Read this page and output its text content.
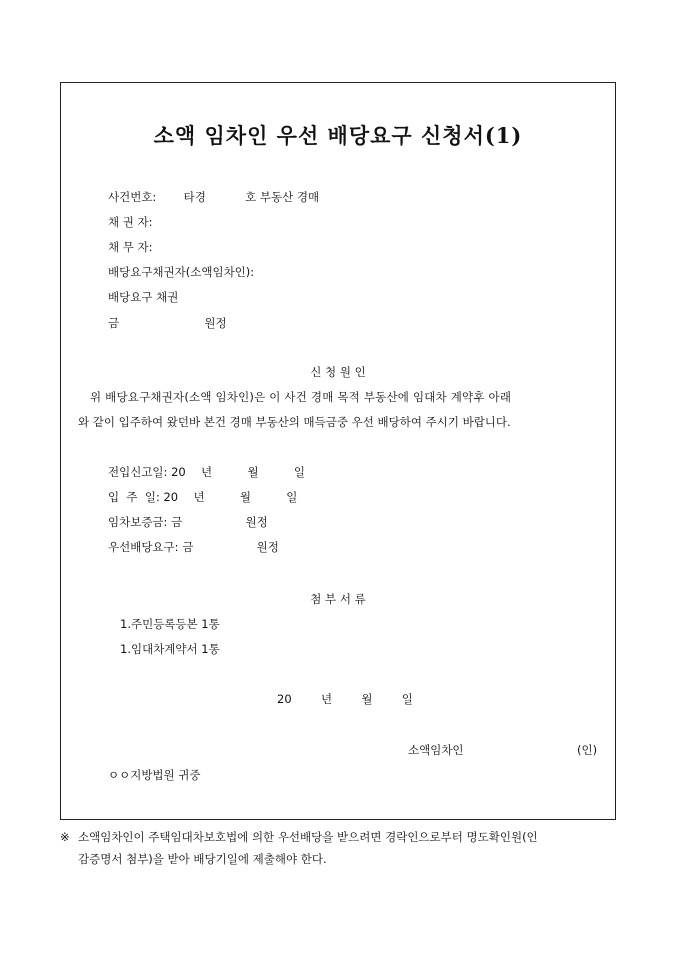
소액 임차인 우선 배당요구 신청서(1)
사건번호: 타경	호 부동산 경매
채 권 자:
채 무 자:
배당요구채권자(소액임차인):
배당요구 채권
금	원정
신 청 원 인
위 배당요구채권자(소액 임차인)은 이 사건 경매 목적 부동산에 임대차 계약후 아래
와 같이 입주하여 왔던바 본건 경매 부동산의 매득금중 우선 배당하여 주시기 바랍니다.
전입신고일: 20 년	월	일
입  주  일: 20 년	월	일
임차보증금: 금	원정
우선배당요구: 금	원정
첨 부 서 류
1.주민등록등본 1통
1.임대차계약서 1통
20	년	월	일
소액임차인	(인)
ㅇㅇ지방법원 귀중
※ 소액임차인이 주택임대차보호법에 의한 우선배당을 받으려면 경락인으로부터 명도확인원(인
감증명서 첨부)을 받아 배당기일에 제출해야 한다.
